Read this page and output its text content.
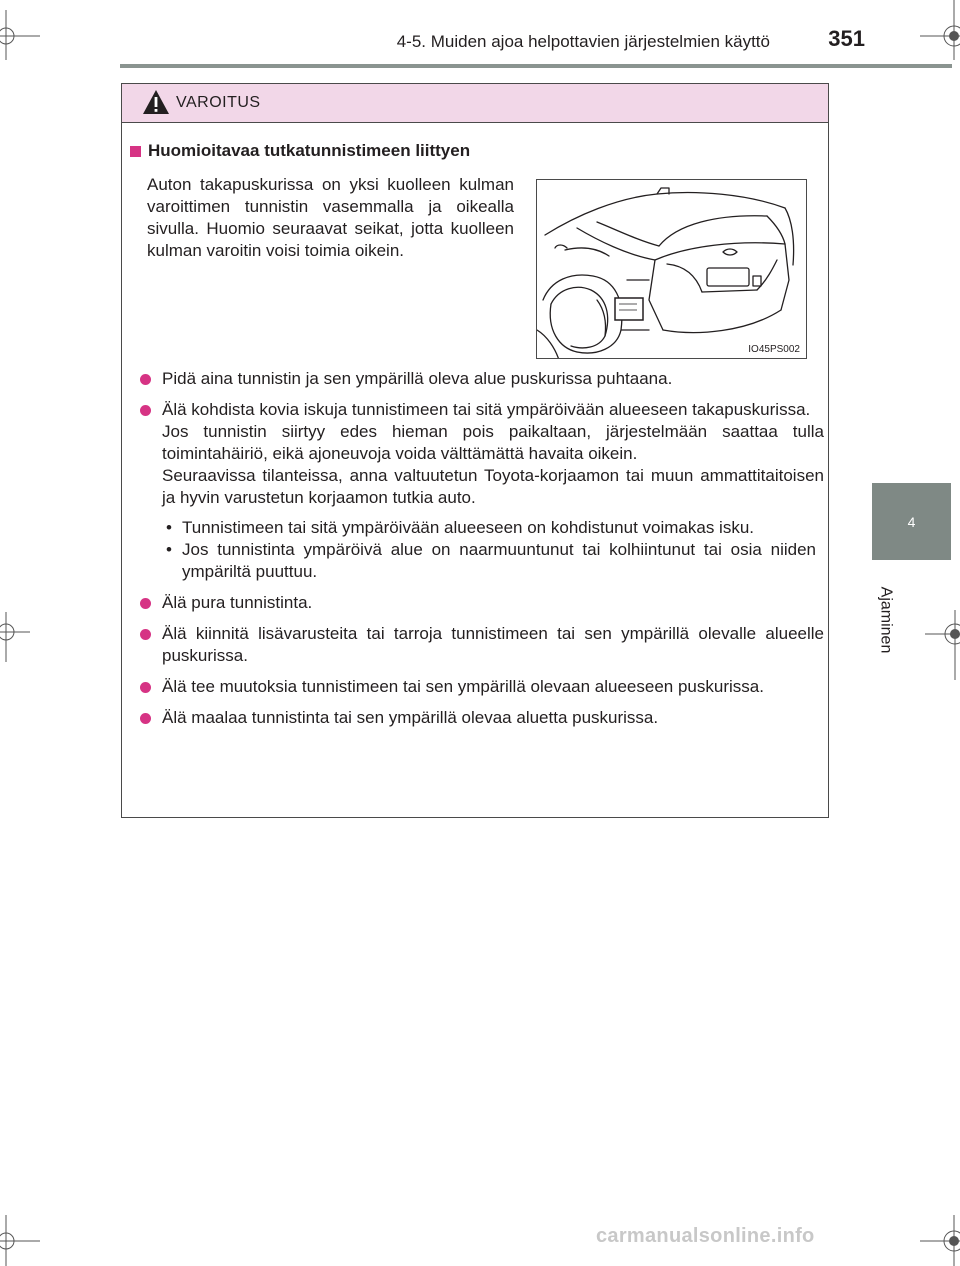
4-5. Muiden ajoa helpottavien järjestelmien käyttö	351
4
Ajaminen
VAROITUS
Huomioitavaa tutkatunnistimeen liittyen
Auton takapuskurissa on yksi kuolleen kulman varoittimen tunnistin vasemmalla ja oikealla sivulla. Huomio seuraavat seikat, jotta kuolleen kulman varoitin voisi toimia oikein.
IO45PS002
Pidä aina tunnistin ja sen ympärillä oleva alue puskurissa puhtaana.
Älä kohdista kovia iskuja tunnistimeen tai sitä ympäröivään alueeseen takapuskurissa.
Jos tunnistin siirtyy edes hieman pois paikaltaan, järjestelmään saattaa tulla toimintahäiriö, eikä ajoneuvoja voida välttämättä havaita oikein.
Seuraavissa tilanteissa, anna valtuutetun Toyota-korjaamon tai muun ammattitaitoisen ja hyvin varustetun korjaamon tutkia auto.
• Tunnistimeen tai sitä ympäröivään alueeseen on kohdistunut voimakas isku.
• Jos tunnistinta ympäröivä alue on naarmuuntunut tai kolhiintunut tai osia niiden ympäriltä puuttuu.
Älä pura tunnistinta.
Älä kiinnitä lisävarusteita tai tarroja tunnistimeen tai sen ympärillä olevalle alueelle puskurissa.
Älä tee muutoksia tunnistimeen tai sen ympärillä olevaan alueeseen puskurissa.
Älä maalaa tunnistinta tai sen ympärillä olevaa aluetta puskurissa.
carmanualsonline.info
